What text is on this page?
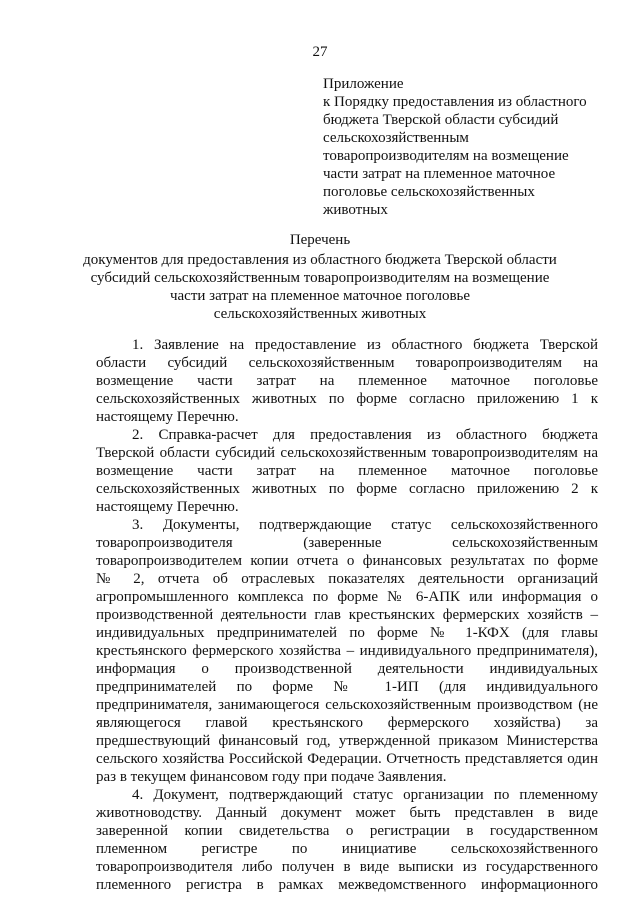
27
Приложение
к Порядку предоставления из областного
бюджета Тверской области субсидий
сельскохозяйственным
товаропроизводителям на возмещение
части затрат на племенное маточное
поголовье сельскохозяйственных
животных
Перечень
документов для предоставления из областного бюджета Тверской области
субсидий сельскохозяйственным товаропроизводителям на возмещение
части затрат на племенное маточное поголовье
сельскохозяйственных животных
1. Заявление на предоставление из областного бюджета Тверской
области субсидий сельскохозяйственным товаропроизводителям на
возмещение части затрат на племенное маточное поголовье
сельскохозяйственных животных по форме согласно приложению 1 к
настоящему Перечню.
2. Справка-расчет для предоставления из областного бюджета
Тверской области субсидий сельскохозяйственным товаропроизводителям на
возмещение части затрат на племенное маточное поголовье
сельскохозяйственных животных по форме согласно приложению 2 к
настоящему Перечню.
3. Документы, подтверждающие статус сельскохозяйственного
товаропроизводителя (заверенные сельскохозяйственным
товаропроизводителем копии отчета о финансовых результатах по форме
№ 2, отчета об отраслевых показателях деятельности организаций
агропромышленного комплекса по форме № 6-АПК или информация о
производственной деятельности глав крестьянских фермерских хозяйств –
индивидуальных предпринимателей по форме № 1-КФХ (для главы
крестьянского фермерского хозяйства – индивидуального предпринимателя),
информация о производственной деятельности индивидуальных
предпринимателей по форме № 1-ИП (для индивидуального
предпринимателя, занимающегося сельскохозяйственным производством (не
являющегося главой крестьянского фермерского хозяйства) за
предшествующий финансовый год, утвержденной приказом Министерства
сельского хозяйства Российской Федерации. Отчетность представляется один
раз в текущем финансовом году при подаче Заявления.
4. Документ, подтверждающий статус организации по племенному
животноводству. Данный документ может быть представлен в виде
заверенной копии свидетельства о регистрации в государственном
племенном регистре по инициативе сельскохозяйственного
товаропроизводителя либо получен в виде выписки из государственного
племенного регистра в рамках межведомственного информационного
